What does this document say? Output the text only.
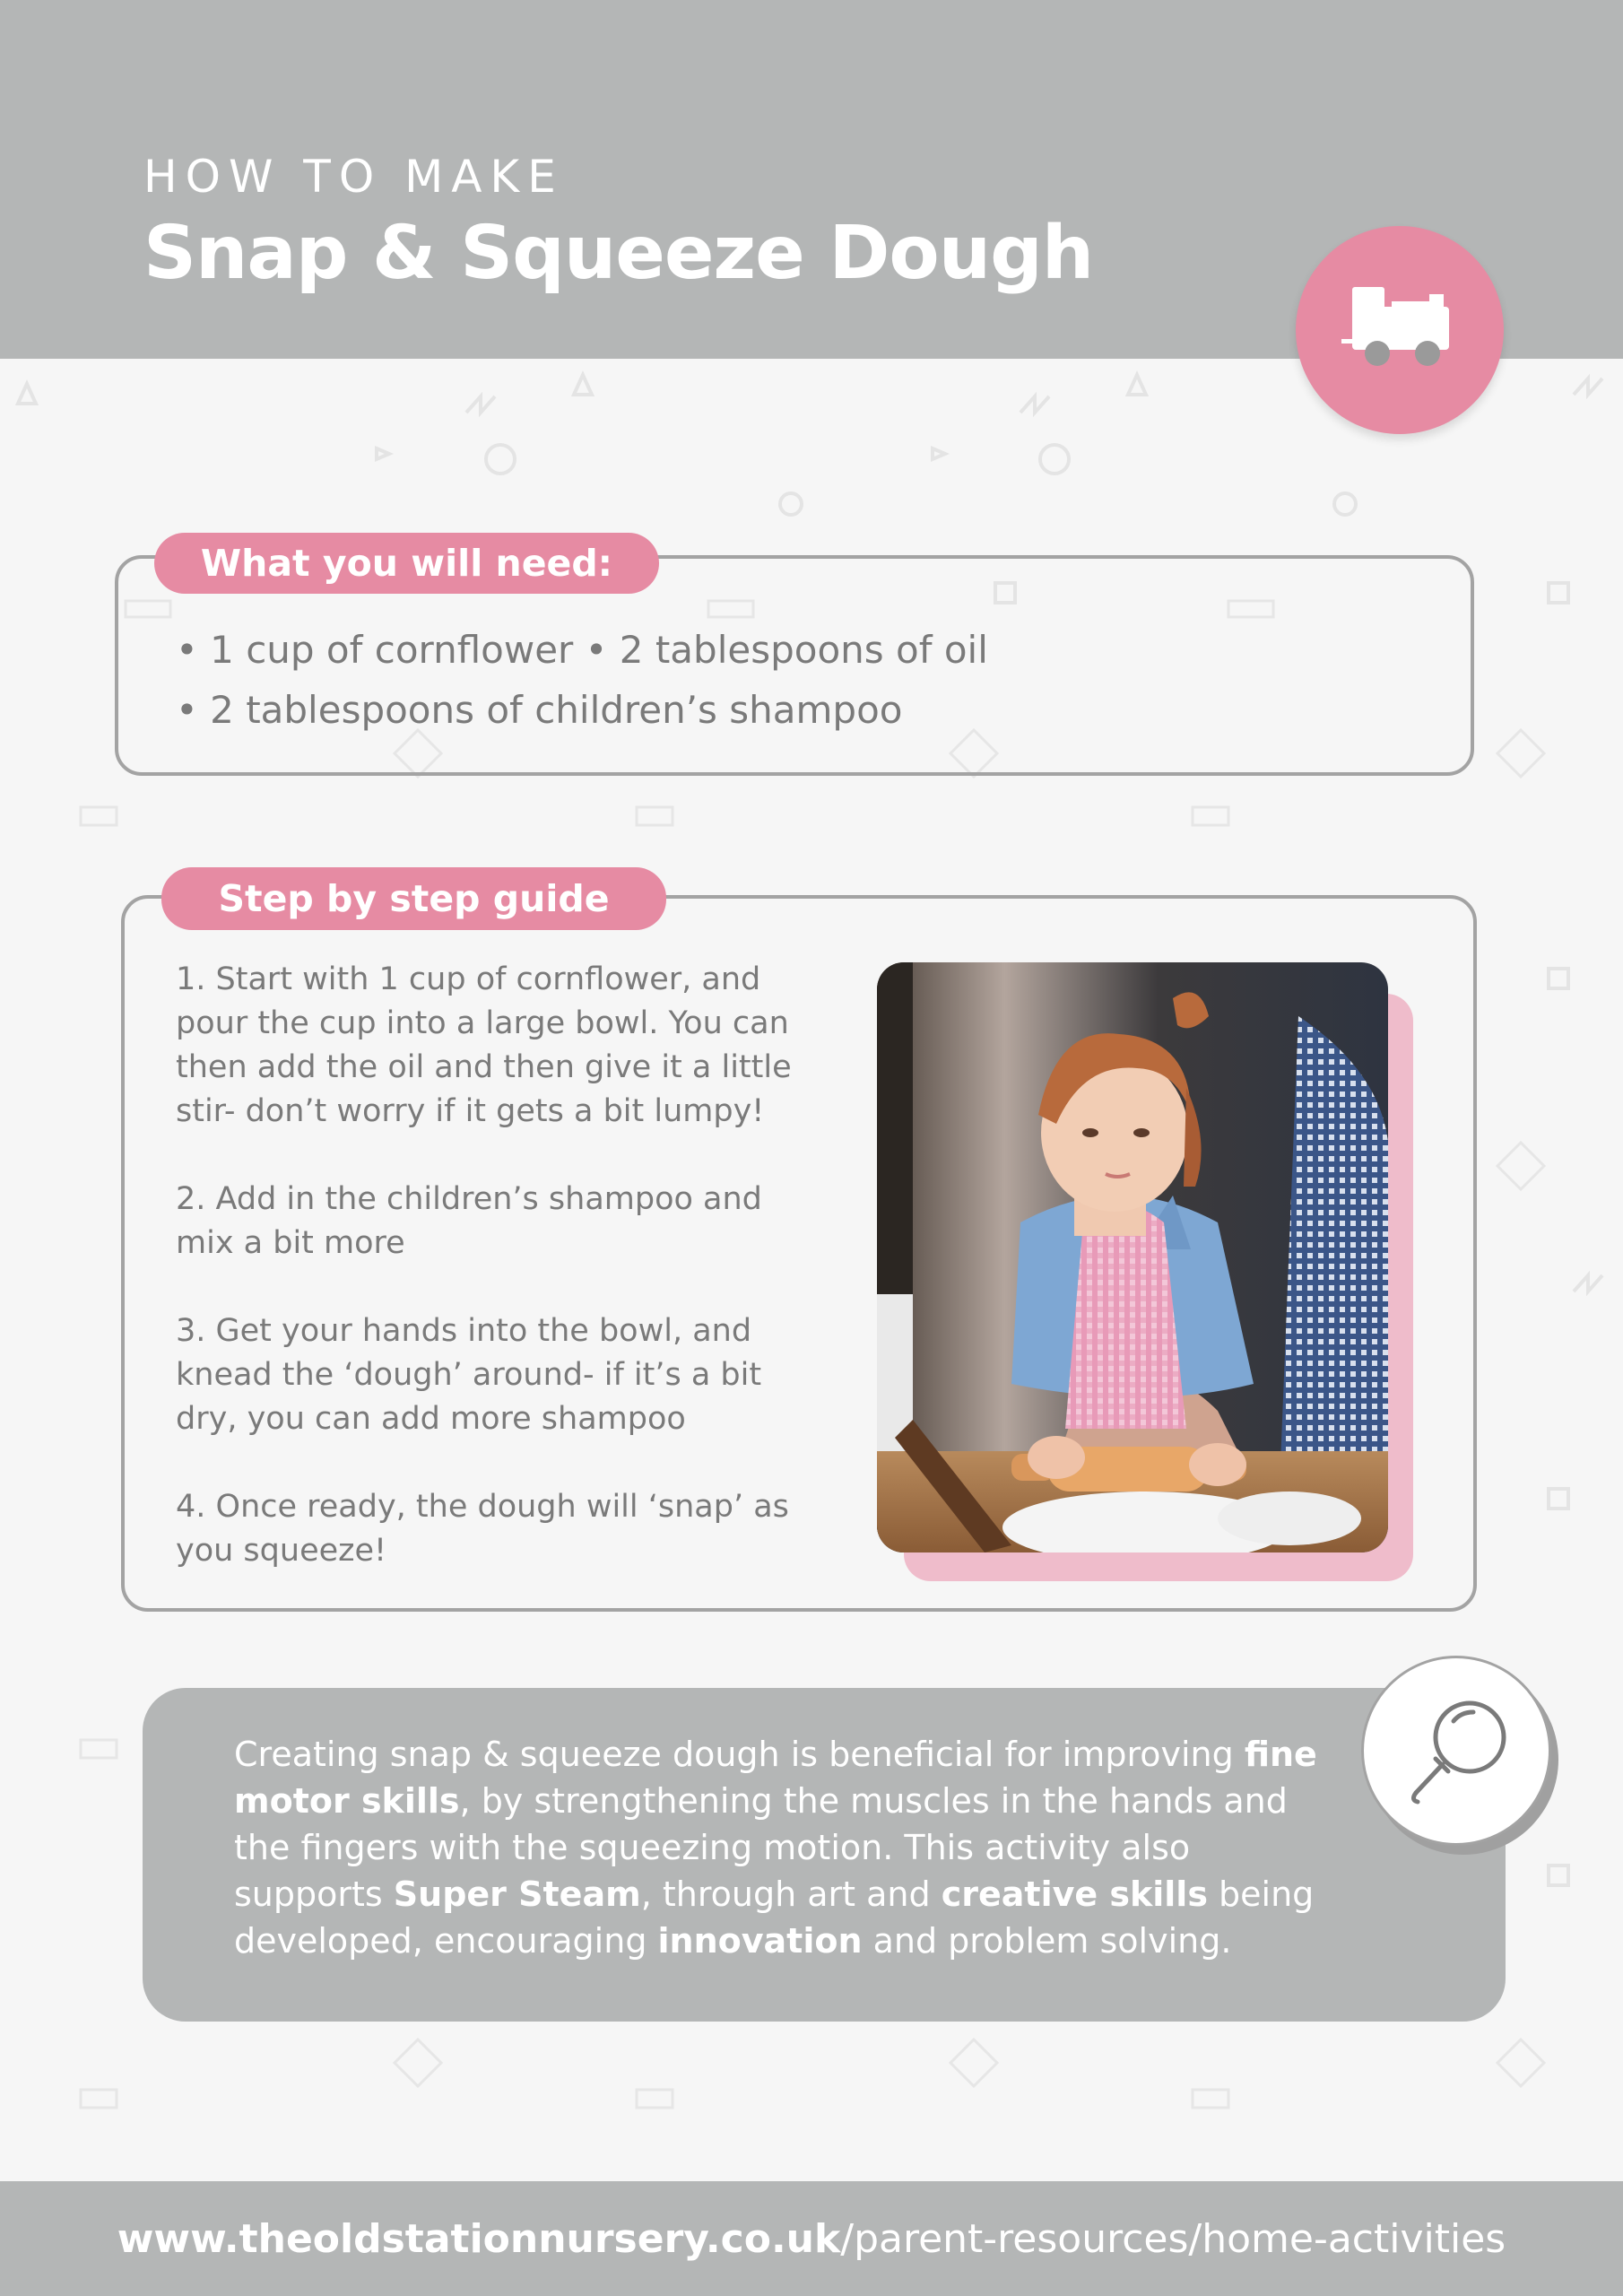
HOW TO MAKE
Snap & Squeeze Dough
What you will need:
• 1 cup of cornflower • 2 tablespoons of oil
• 2 tablespoons of children’s shampoo
Step by step guide

1. Start with 1 cup of cornflower, and pour the cup into a large bowl. You can then add the oil and then give it a little stir- don’t worry if it gets a bit lumpy!

2. Add in the children’s shampoo and mix a bit more

3. Get your hands into the bowl, and knead the ‘dough’ around- if it’s a bit dry, you can add more shampoo

4. Once ready, the dough will ‘snap’ as you squeeze!

Creating snap & squeeze dough is beneficial for improving fine motor skills, by strengthening the muscles in the hands and the fingers with the squeezing motion. This activity also supports Super Steam, through art and creative skills being developed, encouraging innovation and problem solving.
www.theoldstationnursery.co.uk/parent-resources/home-activities
